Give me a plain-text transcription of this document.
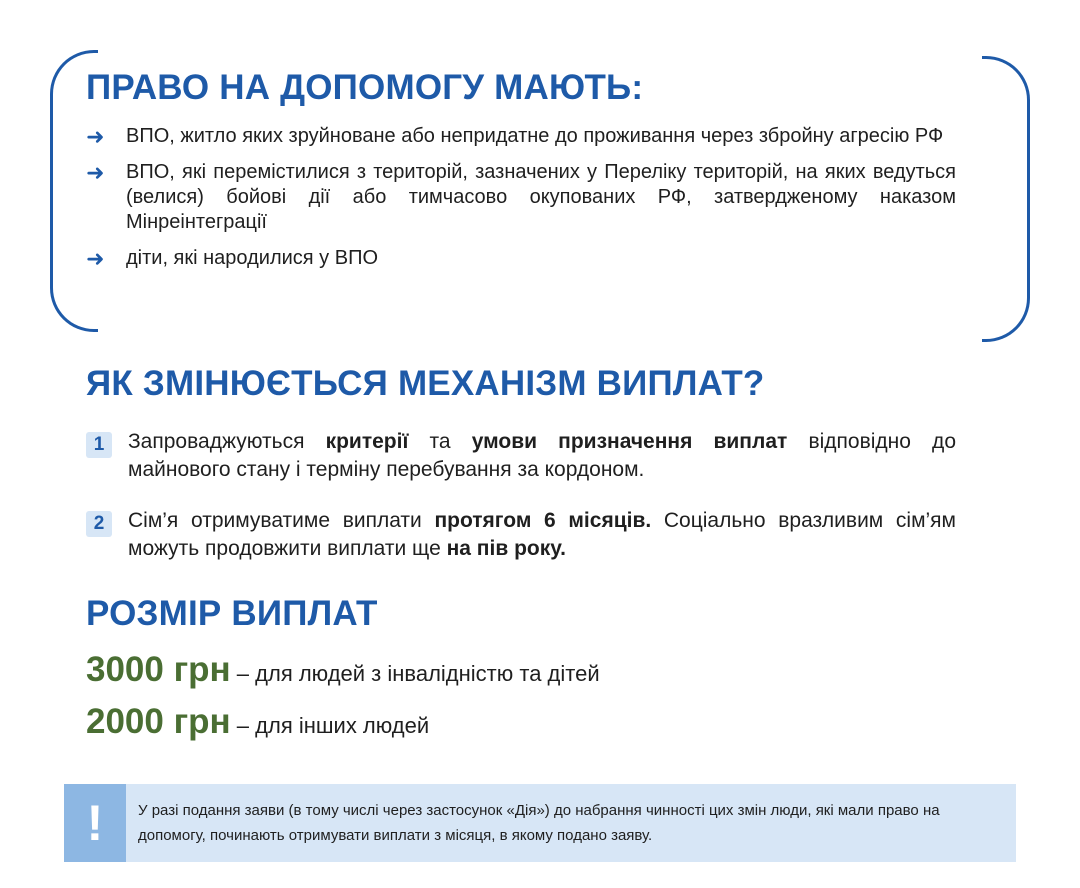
ПРАВО НА ДОПОМОГУ МАЮТЬ:
➜ ВПО, житло яких зруйноване або непридатне до проживання через збройну агресію РФ
➜ ВПО, які перемістилися з територій, зазначених у Переліку територій, на яких ведуться (велися) бойові дії або тимчасово окупованих РФ, затвердженому наказом Мінреінтеграції
➜ діти, які народилися у ВПО
ЯК ЗМІНЮЄТЬСЯ МЕХАНІЗМ ВИПЛАТ?
1	Запроваджуються критерії та умови призначення виплат відповідно до майнового стану і терміну перебування за кордоном.
2	Сім’я отримуватиме виплати протягом 6 місяців. Соціально вразливим сім’ям можуть продовжити виплати ще на пів року.
РОЗМІР ВИПЛАТ
3000 грн – для людей з інвалідністю та дітей
2000 грн – для інших людей
!	У разі подання заяви (в тому числі через застосунок «Дія») до набрання чинності цих змін люди, які мали право на допомогу, починають отримувати виплати з місяця, в якому подано заяву.
